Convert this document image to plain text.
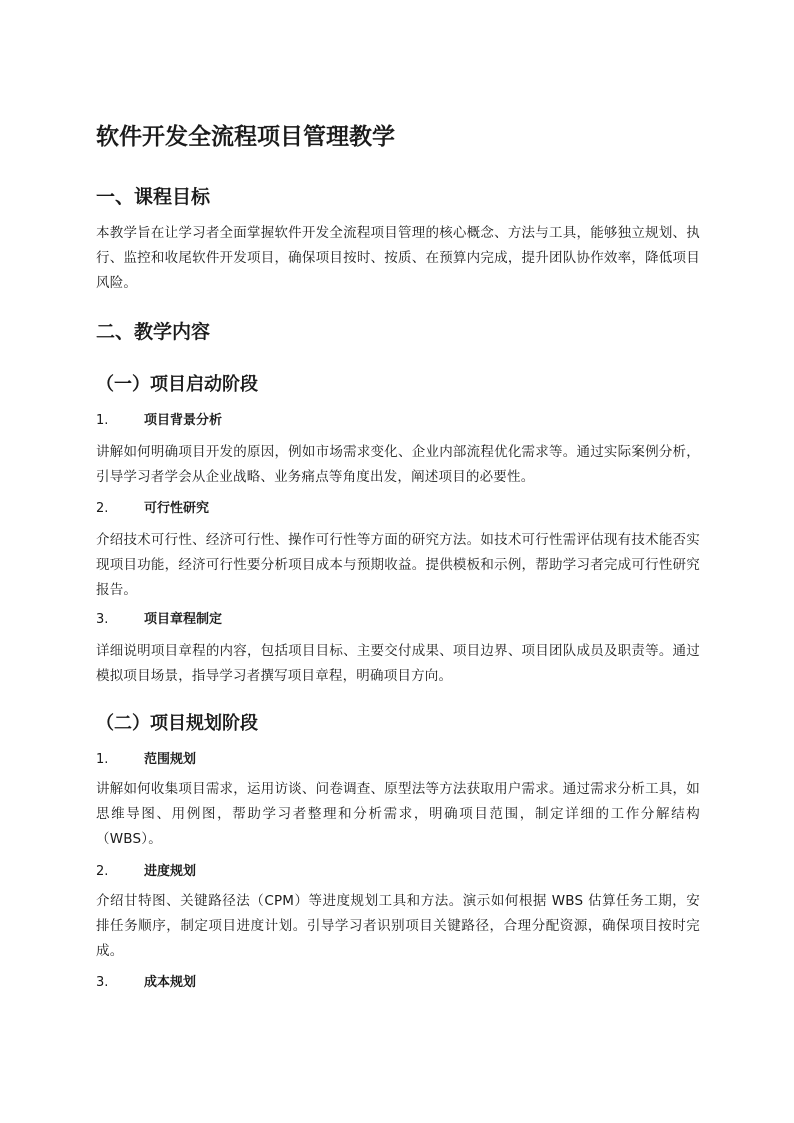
软件开发全流程项目管理教学
一、课程目标

本教学旨在让学习者全面掌握软件开发全流程项目管理的核心概念、方法与工具，能够独立规划、执行、监控和收尾软件开发项目，确保项目按时、按质、在预算内完成，提升团队协作效率，降低项目风险。

二、教学内容
（一）项目启动阶段
1.	项目背景分析

讲解如何明确项目开发的原因，例如市场需求变化、企业内部流程优化需求等。通过实际案例分析，引导学习者学会从企业战略、业务痛点等角度出发，阐述项目的必要性。

2.	可行性研究

介绍技术可行性、经济可行性、操作可行性等方面的研究方法。如技术可行性需评估现有技术能否实现项目功能，经济可行性要分析项目成本与预期收益。提供模板和示例，帮助学习者完成可行性研究报告。

3.	项目章程制定

详细说明项目章程的内容，包括项目目标、主要交付成果、项目边界、项目团队成员及职责等。通过模拟项目场景，指导学习者撰写项目章程，明确项目方向。

（二）项目规划阶段
1.	范围规划

讲解如何收集项目需求，运用访谈、问卷调查、原型法等方法获取用户需求。通过需求分析工具，如思维导图、用例图，帮助学习者整理和分析需求，明确项目范围，制定详细的工作分解结构（WBS）。

2.	进度规划

介绍甘特图、关键路径法（CPM）等进度规划工具和方法。演示如何根据 WBS 估算任务工期，安排任务顺序，制定项目进度计划。引导学习者识别项目关键路径，合理分配资源，确保项目按时完成。

3.	成本规划
